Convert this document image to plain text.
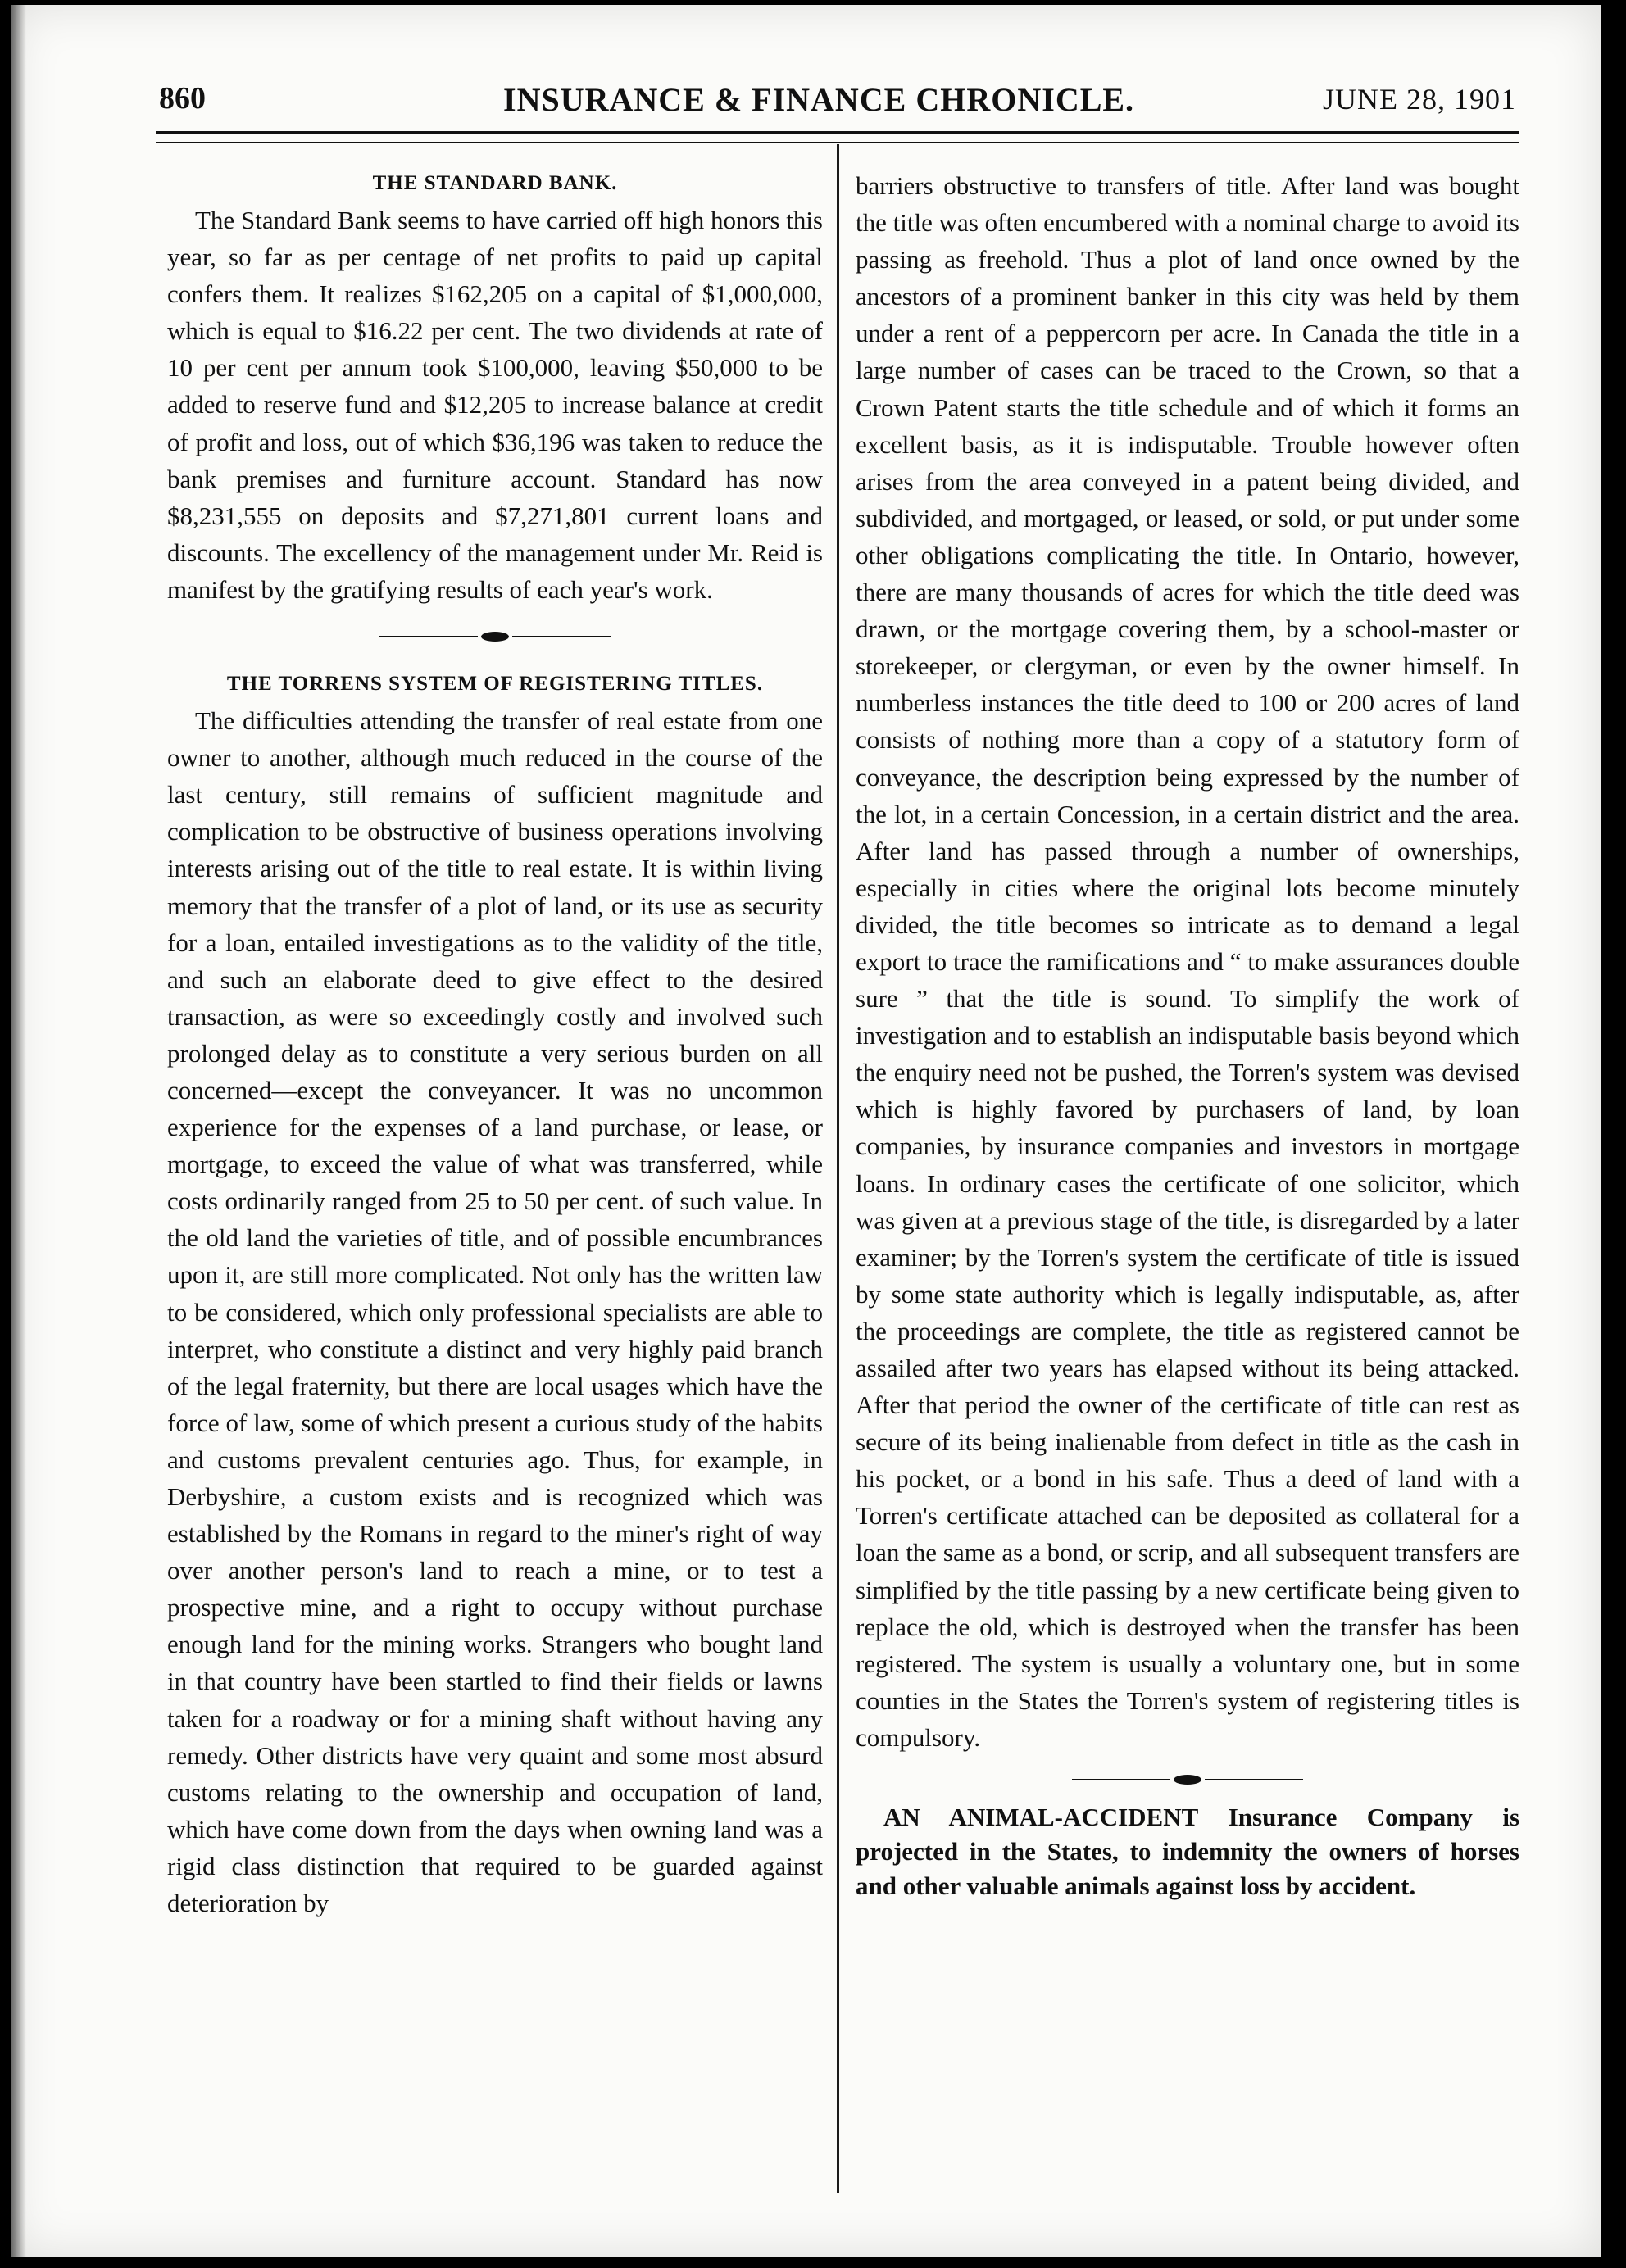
860	INSURANCE & FINANCE CHRONICLE.	JUNE 28, 1901
THE STANDARD BANK.

The Standard Bank seems to have carried off high honors this year, so far as per centage of net profits to paid up capital confers them. It realizes $162,205 on a capital of $1,000,000, which is equal to $16.22 per cent. The two dividends at rate of 10 per cent per annum took $100,000, leaving $50,000 to be added to reserve fund and $12,205 to increase balance at credit of profit and loss, out of which $36,196 was taken to reduce the bank premises and furniture account. Standard has now $8,231,555 on deposits and $7,271,801 current loans and discounts. The excellency of the management under Mr. Reid is manifest by the gratifying results of each year's work.

THE TORRENS SYSTEM OF REGISTERING TITLES.

The difficulties attending the transfer of real estate from one owner to another, although much reduced in the course of the last century, still remains of sufficient magnitude and complication to be obstructive of business operations involving interests arising out of the title to real estate. It is within living memory that the transfer of a plot of land, or its use as security for a loan, entailed investigations as to the validity of the title, and such an elaborate deed to give effect to the desired transaction, as were so exceedingly costly and involved such prolonged delay as to constitute a very serious burden on all concerned—except the conveyancer. It was no uncommon experience for the expenses of a land purchase, or lease, or mortgage, to exceed the value of what was transferred, while costs ordinarily ranged from 25 to 50 per cent. of such value. In the old land the varieties of title, and of possible encumbrances upon it, are still more complicated. Not only has the written law to be considered, which only professional specialists are able to interpret, who constitute a distinct and very highly paid branch of the legal fraternity, but there are local usages which have the force of law, some of which present a curious study of the habits and customs prevalent centuries ago. Thus, for example, in Derbyshire, a custom exists and is recognized which was established by the Romans in regard to the miner's right of way over another person's land to reach a mine, or to test a prospective mine, and a right to occupy without purchase enough land for the mining works. Strangers who bought land in that country have been startled to find their fields or lawns taken for a roadway or for a mining shaft without having any remedy. Other districts have very quaint and some most absurd customs relating to the ownership and occupation of land, which have come down from the days when owning land was a rigid class distinction that required to be guarded against deterioration by

barriers obstructive to transfers of title. After land was bought the title was often encumbered with a nominal charge to avoid its passing as freehold. Thus a plot of land once owned by the ancestors of a prominent banker in this city was held by them under a rent of a peppercorn per acre. In Canada the title in a large number of cases can be traced to the Crown, so that a Crown Patent starts the title schedule and of which it forms an excellent basis, as it is indisputable. Trouble however often arises from the area conveyed in a patent being divided, and subdivided, and mortgaged, or leased, or sold, or put under some other obligations complicating the title. In Ontario, however, there are many thousands of acres for which the title deed was drawn, or the mortgage covering them, by a school-master or storekeeper, or clergyman, or even by the owner himself. In numberless instances the title deed to 100 or 200 acres of land consists of nothing more than a copy of a statutory form of conveyance, the description being expressed by the number of the lot, in a certain Concession, in a certain district and the area. After land has passed through a number of ownerships, especially in cities where the original lots become minutely divided, the title becomes so intricate as to demand a legal export to trace the ramifications and “ to make assurances double sure ” that the title is sound. To simplify the work of investigation and to establish an indisputable basis beyond which the enquiry need not be pushed, the Torren's system was devised which is highly favored by purchasers of land, by loan companies, by insurance companies and investors in mortgage loans. In ordinary cases the certificate of one solicitor, which was given at a previous stage of the title, is disregarded by a later examiner; by the Torren's system the certificate of title is issued by some state authority which is legally indisputable, as, after the proceedings are complete, the title as registered cannot be assailed after two years has elapsed without its being attacked. After that period the owner of the certificate of title can rest as secure of its being inalienable from defect in title as the cash in his pocket, or a bond in his safe. Thus a deed of land with a Torren's certificate attached can be deposited as collateral for a loan the same as a bond, or scrip, and all subsequent transfers are simplified by the title passing by a new certificate being given to replace the old, which is destroyed when the transfer has been registered. The system is usually a voluntary one, but in some counties in the States the Torren's system of registering titles is compulsory.

AN ANIMAL-ACCIDENT Insurance Company is projected in the States, to indemnity the owners of horses and other valuable animals against loss by accident.
